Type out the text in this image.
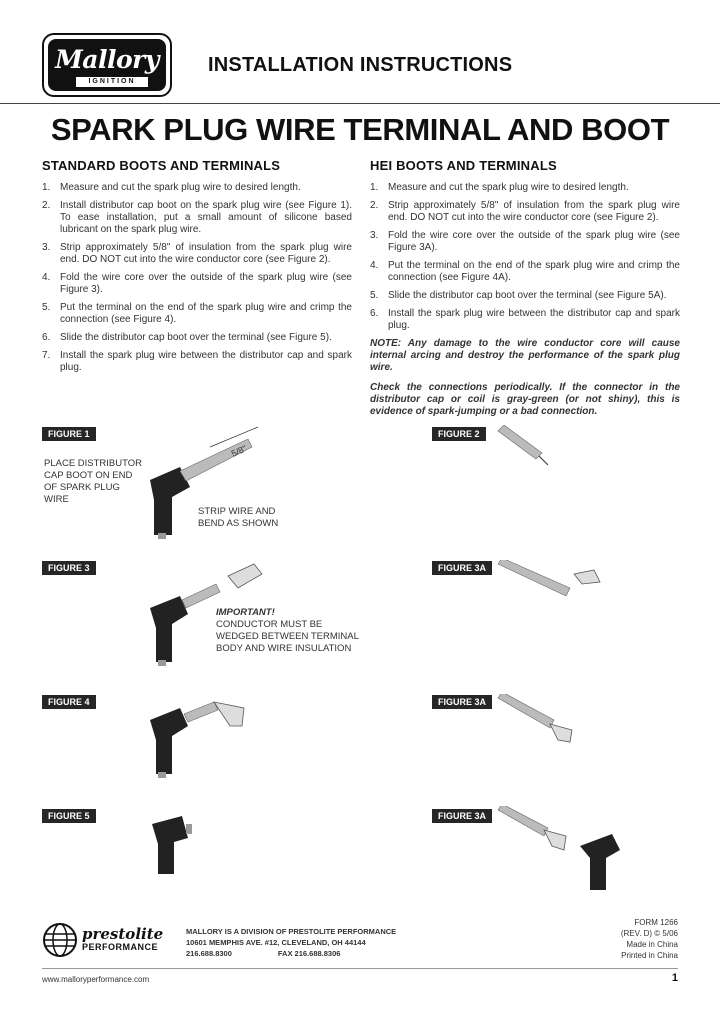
Mallory
IGNITION
INSTALLATION INSTRUCTIONS
SPARK PLUG WIRE TERMINAL AND BOOT
STANDARD BOOTS AND TERMINALS
1. Measure and cut the spark plug wire to desired length.
2. Install distributor cap boot on the spark plug wire (see Figure 1). To ease installation, put a small amount of silicone based lubricant on the spark plug wire.
3. Strip approximately 5/8" of insulation from the spark plug wire end. DO NOT cut into the wire conductor core (see Figure 2).
4. Fold the wire core over the outside of the spark plug wire (see Figure 3).
5. Put the terminal on the end of the spark plug wire and crimp the connection (see Figure 4).
6. Slide the distributor cap boot over the terminal (see Figure 5).
7. Install the spark plug wire between the distributor cap and spark plug.
HEI BOOTS AND TERMINALS
1. Measure and cut the spark plug wire to desired length.
2. Strip approximately 5/8" of insulation from the spark plug wire end. DO NOT cut into the wire conductor core (see Figure 2).
3. Fold the wire core over the outside of the spark plug wire (see Figure 3A).
4. Put the terminal on the end of the spark plug wire and crimp the connection (see Figure 4A).
5. Slide the distributor cap boot over the terminal (see Figure 5A).
6. Install the spark plug wire between the distributor cap and spark plug.

NOTE: Any damage to the wire conductor core will cause internal arcing and destroy the performance of the spark plug wire.

Check the connections periodically. If the connector in the distributor cap or coil is gray-green (or not shiny), this is evidence of spark-jumping or a bad connection.

FIGURE 1	FIGURE 2
FIGURE 3	FIGURE 3A
FIGURE 4	FIGURE 3A
FIGURE 5	FIGURE 3A
PLACE DISTRIBUTOR
CAP BOOT ON END
OF SPARK PLUG
WIRE
STRIP WIRE AND
BEND AS SHOWN
5/8"
IMPORTANT!
CONDUCTOR MUST BE
WEDGED BETWEEN TERMINAL
BODY AND WIRE INSULATION
prestolite
PERFORMANCE
MALLORY IS A DIVISION OF PRESTOLITE PERFORMANCE
10601 MEMPHIS AVE. #12, CLEVELAND, OH 44144
216.688.8300	FAX 216.688.8306
FORM 1266
(REV. D) © 5/06
Made in China
Printed in China
www.malloryperformance.com	1
